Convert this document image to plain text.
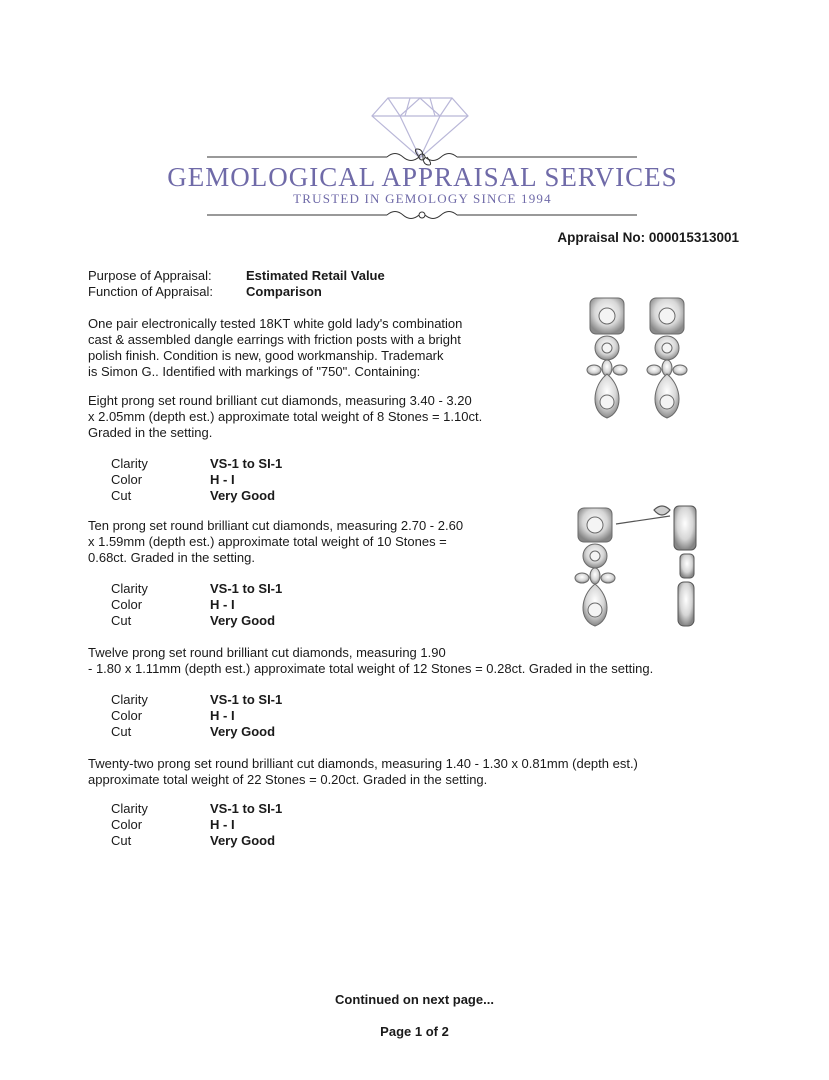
GEMOLOGICAL APPRAISAL SERVICES
TRUSTED IN GEMOLOGY SINCE 1994
Appraisal No: 000015313001
Purpose of Appraisal:	Estimated Retail Value
Function of Appraisal:	Comparison
One pair electronically tested 18KT white gold lady's combination
cast & assembled dangle earrings with friction posts with a bright
polish finish. Condition is new, good workmanship. Trademark
is Simon G.. Identified with markings of "750". Containing:
Eight prong set round brilliant cut diamonds, measuring 3.40 - 3.20
x 2.05mm (depth est.) approximate total weight of 8 Stones = 1.10ct.
Graded in the setting.
Clarity	VS-1 to SI-1
Color	H - I
Cut	Very Good
Ten prong set round brilliant cut diamonds, measuring 2.70 - 2.60
x 1.59mm (depth est.) approximate total weight of 10 Stones =
0.68ct. Graded in the setting.
Clarity	VS-1 to SI-1
Color	H - I
Cut	Very Good
Twelve prong set round brilliant cut diamonds, measuring 1.90
- 1.80 x 1.11mm (depth est.) approximate total weight of 12 Stones = 0.28ct. Graded in the setting.
Clarity	VS-1 to SI-1
Color	H - I
Cut	Very Good
Twenty-two prong set round brilliant cut diamonds, measuring 1.40 - 1.30 x 0.81mm (depth est.)
approximate total weight of 22 Stones = 0.20ct. Graded in the setting.
Clarity	VS-1 to SI-1
Color	H - I
Cut	Very Good
Continued on next page...
Page 1 of 2
